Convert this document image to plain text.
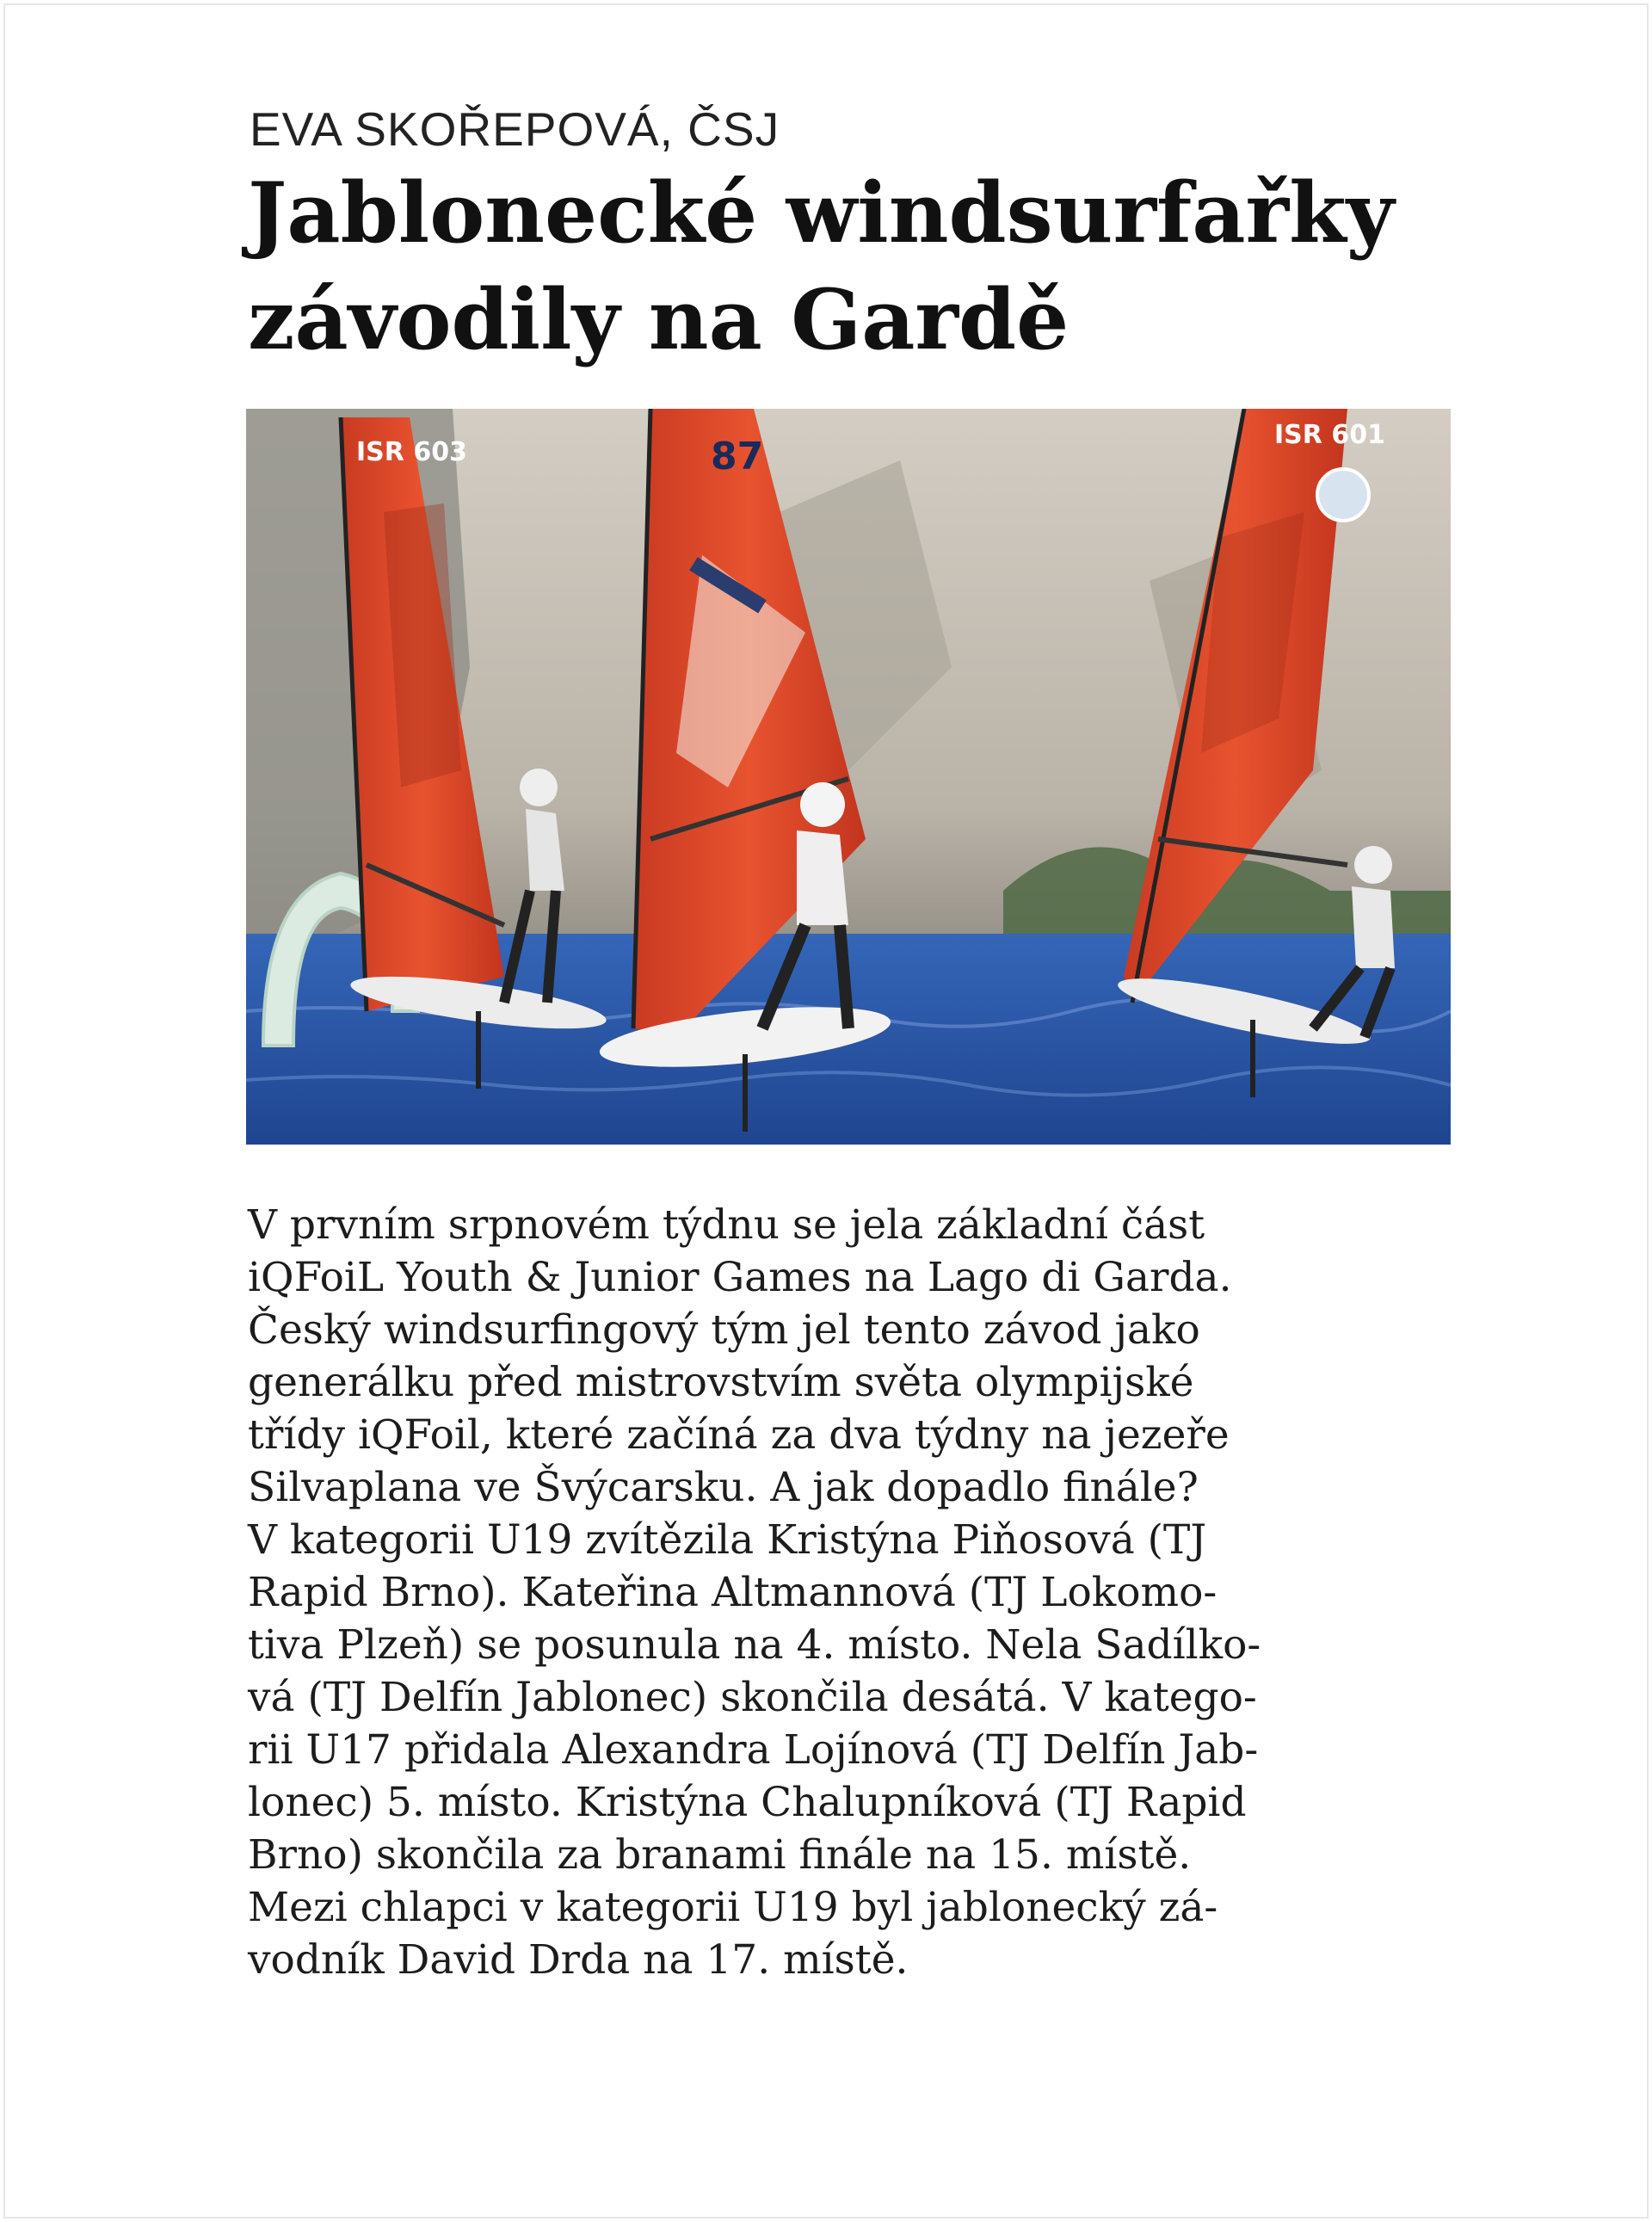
EVA SKOŘEPOVÁ, ČSJ
Jablonecké windsurfařky
závodily na Gardě
ISR 603	87	ISR 601
V prvním srpnovém týdnu se jela základní část
iQFoiL Youth & Junior Games na Lago di Garda.
Český windsurfingový tým jel tento závod jako
generálku před mistrovstvím světa olympijské
třídy iQFoil, které začíná za dva týdny na jezeře
Silvaplana ve Švýcarsku. A jak dopadlo finále?
V kategorii U19 zvítězila Kristýna Piňosová (TJ
Rapid Brno). Kateřina Altmannová (TJ Lokomo-
tiva Plzeň) se posunula na 4. místo. Nela Sadílko-
vá (TJ Delfín Jablonec) skončila desátá. V katego-
rii U17 přidala Alexandra Lojínová (TJ Delfín Jab-
lonec) 5. místo. Kristýna Chalupníková (TJ Rapid
Brno) skončila za branami finále na 15. místě.
Mezi chlapci v kategorii U19 byl jablonecký zá-
vodník David Drda na 17. místě.
